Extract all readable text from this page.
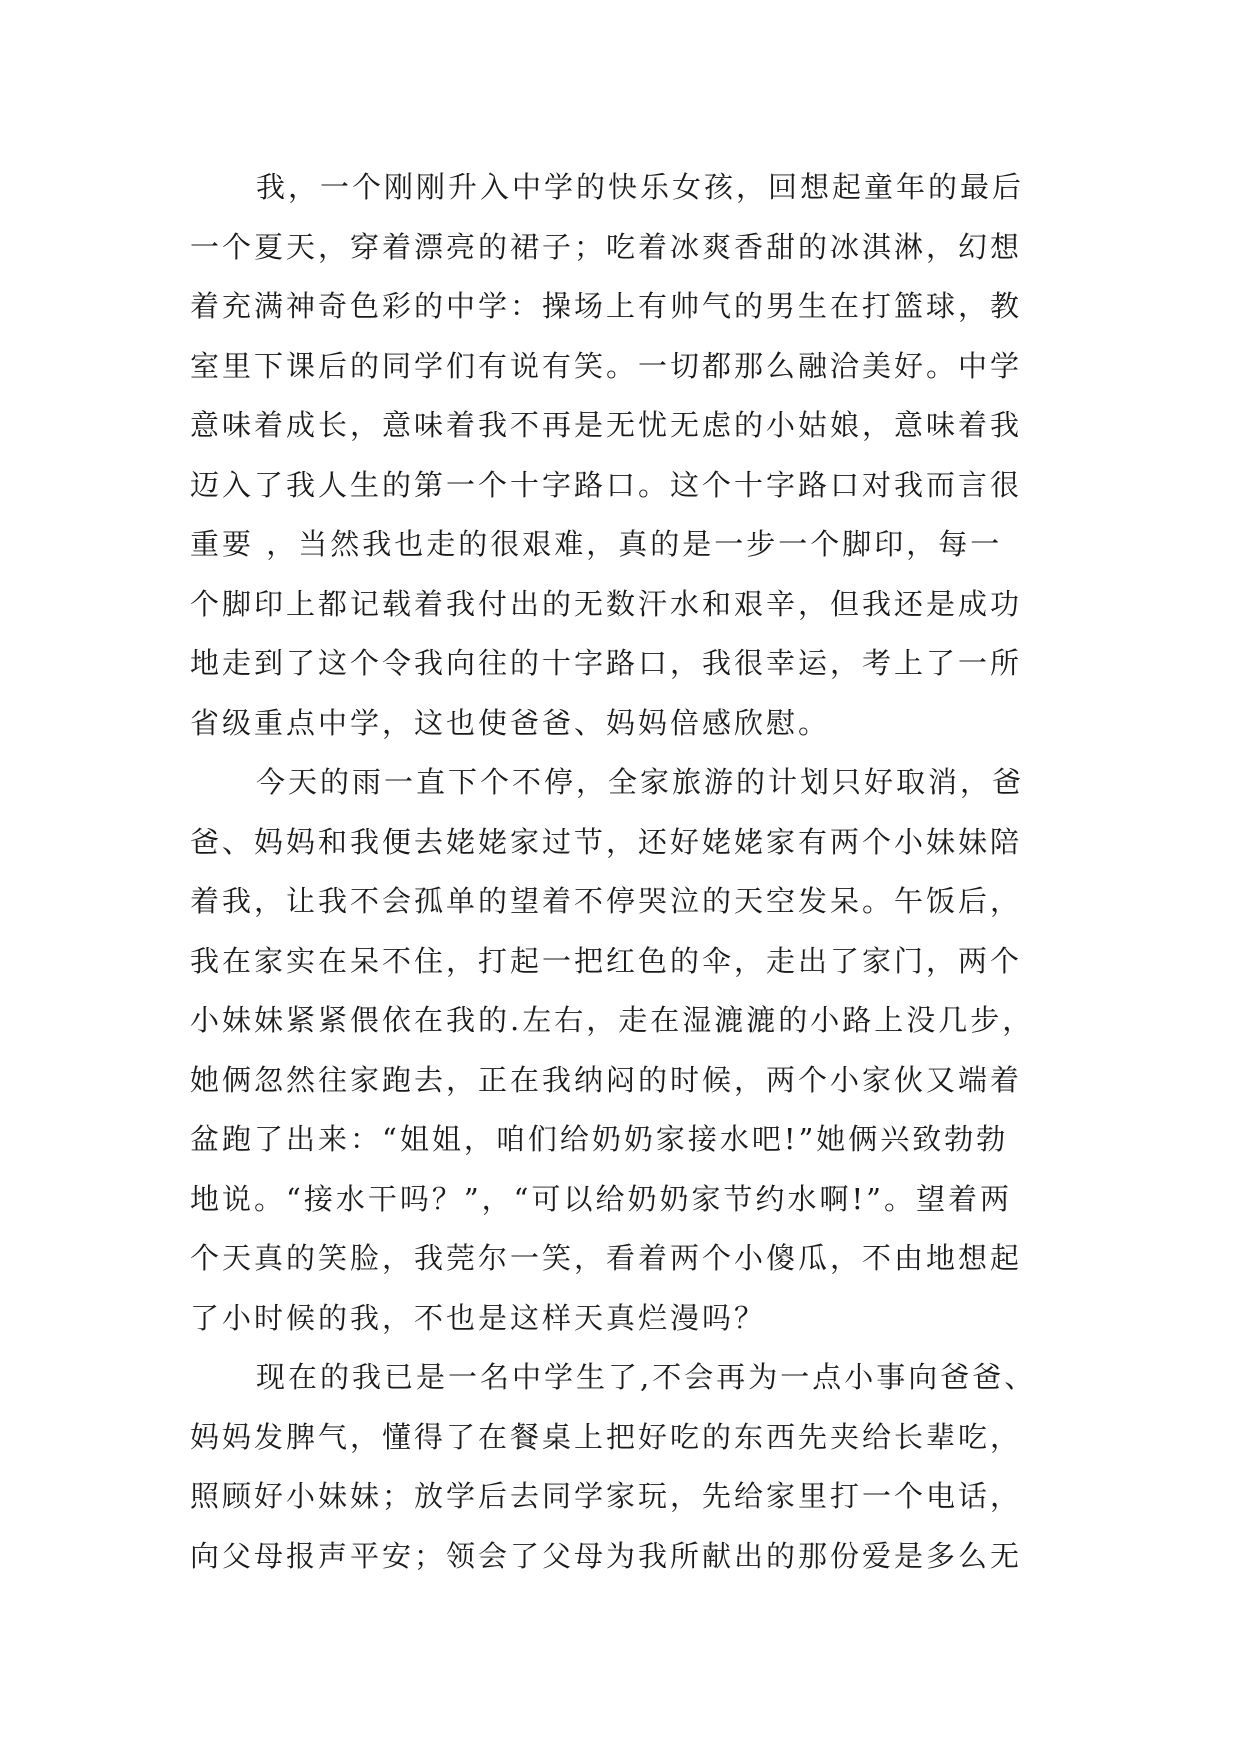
我，一个刚刚升入中学的快乐女孩，回想起童年的最后
一个夏天，穿着漂亮的裙子；吃着冰爽香甜的冰淇淋，幻想
着充满神奇色彩的中学：操场上有帅气的男生在打篮球，教
室里下课后的同学们有说有笑。一切都那么融洽美好。中学
意味着成长，意味着我不再是无忧无虑的小姑娘，意味着我
迈入了我人生的第一个十字路口。这个十字路口对我而言很
重要 ，当然我也走的很艰难，真的是一步一个脚印，每一
个脚印上都记载着我付出的无数汗水和艰辛，但我还是成功
地走到了这个令我向往的十字路口，我很幸运，考上了一所
省级重点中学，这也使爸爸、妈妈倍感欣慰。
今天的雨一直下个不停，全家旅游的计划只好取消，爸
爸、妈妈和我便去姥姥家过节，还好姥姥家有两个小妹妹陪
着我，让我不会孤单的望着不停哭泣的天空发呆。午饭后，
我在家实在呆不住，打起一把红色的伞，走出了家门，两个
小妹妹紧紧偎依在我的.左右，走在湿漉漉的小路上没几步，
她俩忽然往家跑去，正在我纳闷的时候，两个小家伙又端着
盆跑了出来：“姐姐，咱们给奶奶家接水吧!”她俩兴致勃勃
地说。“接水干吗？”，“可以给奶奶家节约水啊!”。望着两
个天真的笑脸，我莞尔一笑，看着两个小傻瓜，不由地想起
了小时候的我，不也是这样天真烂漫吗？
现在的我已是一名中学生了,不会再为一点小事向爸爸、
妈妈发脾气，懂得了在餐桌上把好吃的东西先夹给长辈吃，
照顾好小妹妹；放学后去同学家玩，先给家里打一个电话，
向父母报声平安；领会了父母为我所献出的那份爱是多么无
